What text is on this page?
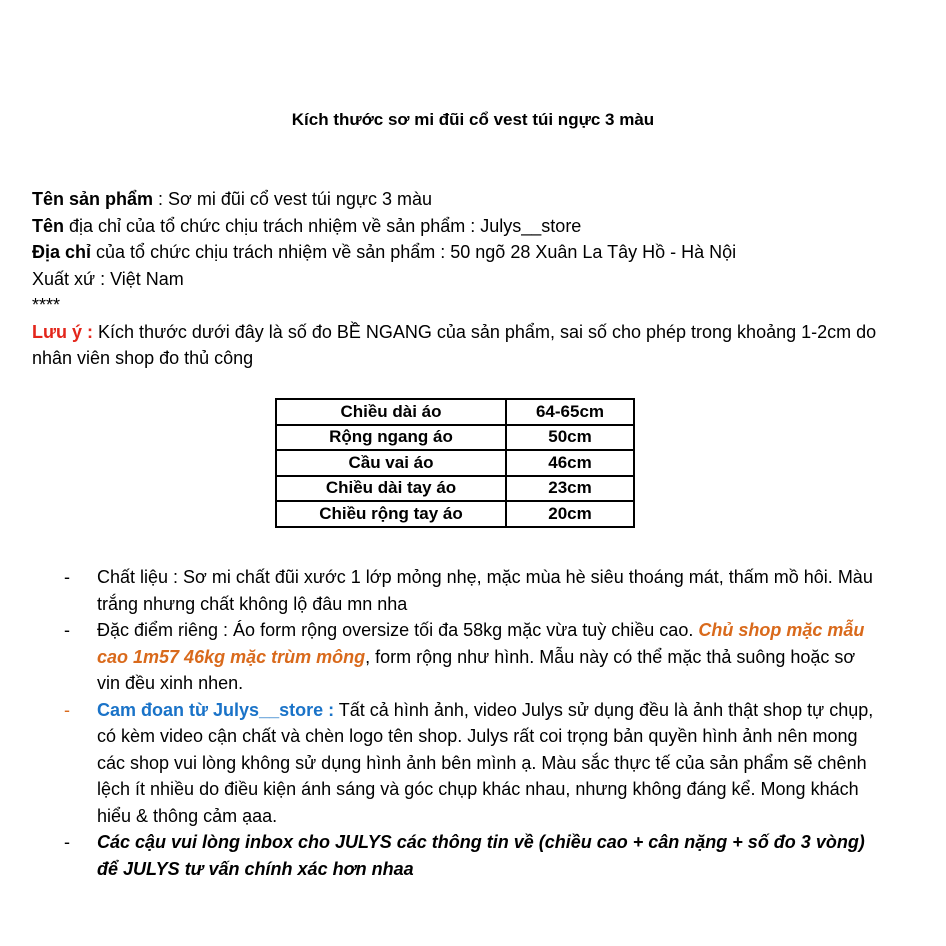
Kích thước sơ mi đũi cổ vest túi ngực 3 màu
Tên sản phẩm : Sơ mi đũi cổ vest túi ngực 3 màu
Tên địa chỉ của tổ chức chịu trách nhiệm về sản phẩm : Julys__store
Địa chỉ của tổ chức chịu trách nhiệm về sản phẩm : 50 ngõ 28 Xuân La Tây Hồ - Hà Nội
Xuất xứ : Việt Nam
****
Lưu ý : Kích thước dưới đây là số đo BỀ NGANG của sản phẩm, sai số cho phép trong khoảng 1-2cm do nhân viên shop đo thủ công
Chiều dài áo	64-65cm
Rộng ngang áo	50cm
Cầu vai áo	46cm
Chiều dài tay áo	23cm
Chiều rộng tay áo	20cm
- Chất liệu : Sơ mi chất đũi xước 1 lớp mỏng nhẹ, mặc mùa hè siêu thoáng mát, thấm mồ hôi. Màu trắng nhưng chất không lộ đâu mn nha
- Đặc điểm riêng : Áo form rộng oversize tối đa 58kg mặc vừa tuỳ chiều cao. Chủ shop mặc mẫu cao 1m57 46kg mặc trùm mông, form rộng như hình. Mẫu này có thể mặc thả suông hoặc sơ vin đều xinh nhen.
- Cam đoan từ Julys__store : Tất cả hình ảnh, video Julys sử dụng đều là ảnh thật shop tự chụp, có kèm video cận chất và chèn logo tên shop. Julys rất coi trọng bản quyền hình ảnh nên mong các shop vui lòng không sử dụng hình ảnh bên mình ạ. Màu sắc thực tế của sản phẩm sẽ chênh lệch ít nhiều do điều kiện ánh sáng và góc chụp khác nhau, nhưng không đáng kể. Mong khách hiểu & thông cảm ạaa.
- Các cậu vui lòng inbox cho JULYS các thông tin về (chiều cao + cân nặng + số đo 3 vòng) để JULYS tư vấn chính xác hơn nhaa
